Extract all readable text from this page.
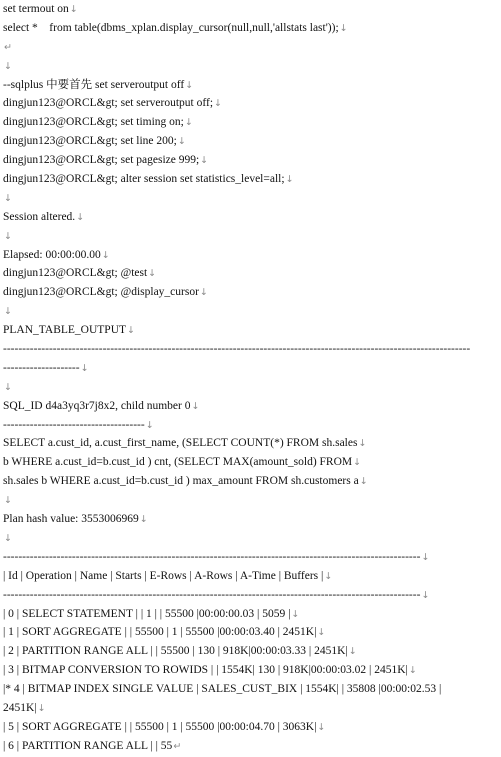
set termout on↓
select *    from table(dbms_xplan.display_cursor(null,null,'allstats last'));↓
↵
↓
--sqlplus 中要首先 set serveroutput off↓
dingjun123@ORCL&gt; set serveroutput off;↓
dingjun123@ORCL&gt; set timing on;↓
dingjun123@ORCL&gt; set line 200;↓
dingjun123@ORCL&gt; set pagesize 999;↓
dingjun123@ORCL&gt; alter session set statistics_level=all;↓
↓
Session altered.↓
↓
Elapsed: 00:00:00.00↓
dingjun123@ORCL&gt; @test↓
dingjun123@ORCL&gt; @display_cursor↓
↓
PLAN_TABLE_OUTPUT↓
--------------------------------------------------------------------------------------------------------------------------
--------------------↓
↓
SQL_ID d4a3yq3r7j8x2, child number 0↓
-------------------------------------↓
SELECT a.cust_id, a.cust_first_name, (SELECT COUNT(*) FROM sh.sales↓
b WHERE a.cust_id=b.cust_id ) cnt, (SELECT MAX(amount_sold) FROM↓
sh.sales b WHERE a.cust_id=b.cust_id ) max_amount FROM sh.customers a↓
↓
Plan hash value: 3553006969↓
↓
-------------------------------------------------------------------------------------------------------------↓
| Id | Operation | Name | Starts | E-Rows | A-Rows | A-Time | Buffers |↓
-------------------------------------------------------------------------------------------------------------↓
| 0 | SELECT STATEMENT | | 1 | | 55500 |00:00:00.03 | 5059 |↓
| 1 | SORT AGGREGATE | | 55500 | 1 | 55500 |00:00:03.40 | 2451K|↓
| 2 | PARTITION RANGE ALL | | 55500 | 130 | 918K|00:00:03.33 | 2451K|↓
| 3 | BITMAP CONVERSION TO ROWIDS | | 1554K| 130 | 918K|00:00:03.02 | 2451K|↓
|* 4 | BITMAP INDEX SINGLE VALUE | SALES_CUST_BIX | 1554K| | 35808 |00:00:02.53 |
2451K|↓
| 5 | SORT AGGREGATE | | 55500 | 1 | 55500 |00:00:04.70 | 3063K|↓
| 6 | PARTITION RANGE ALL | | 55↵
